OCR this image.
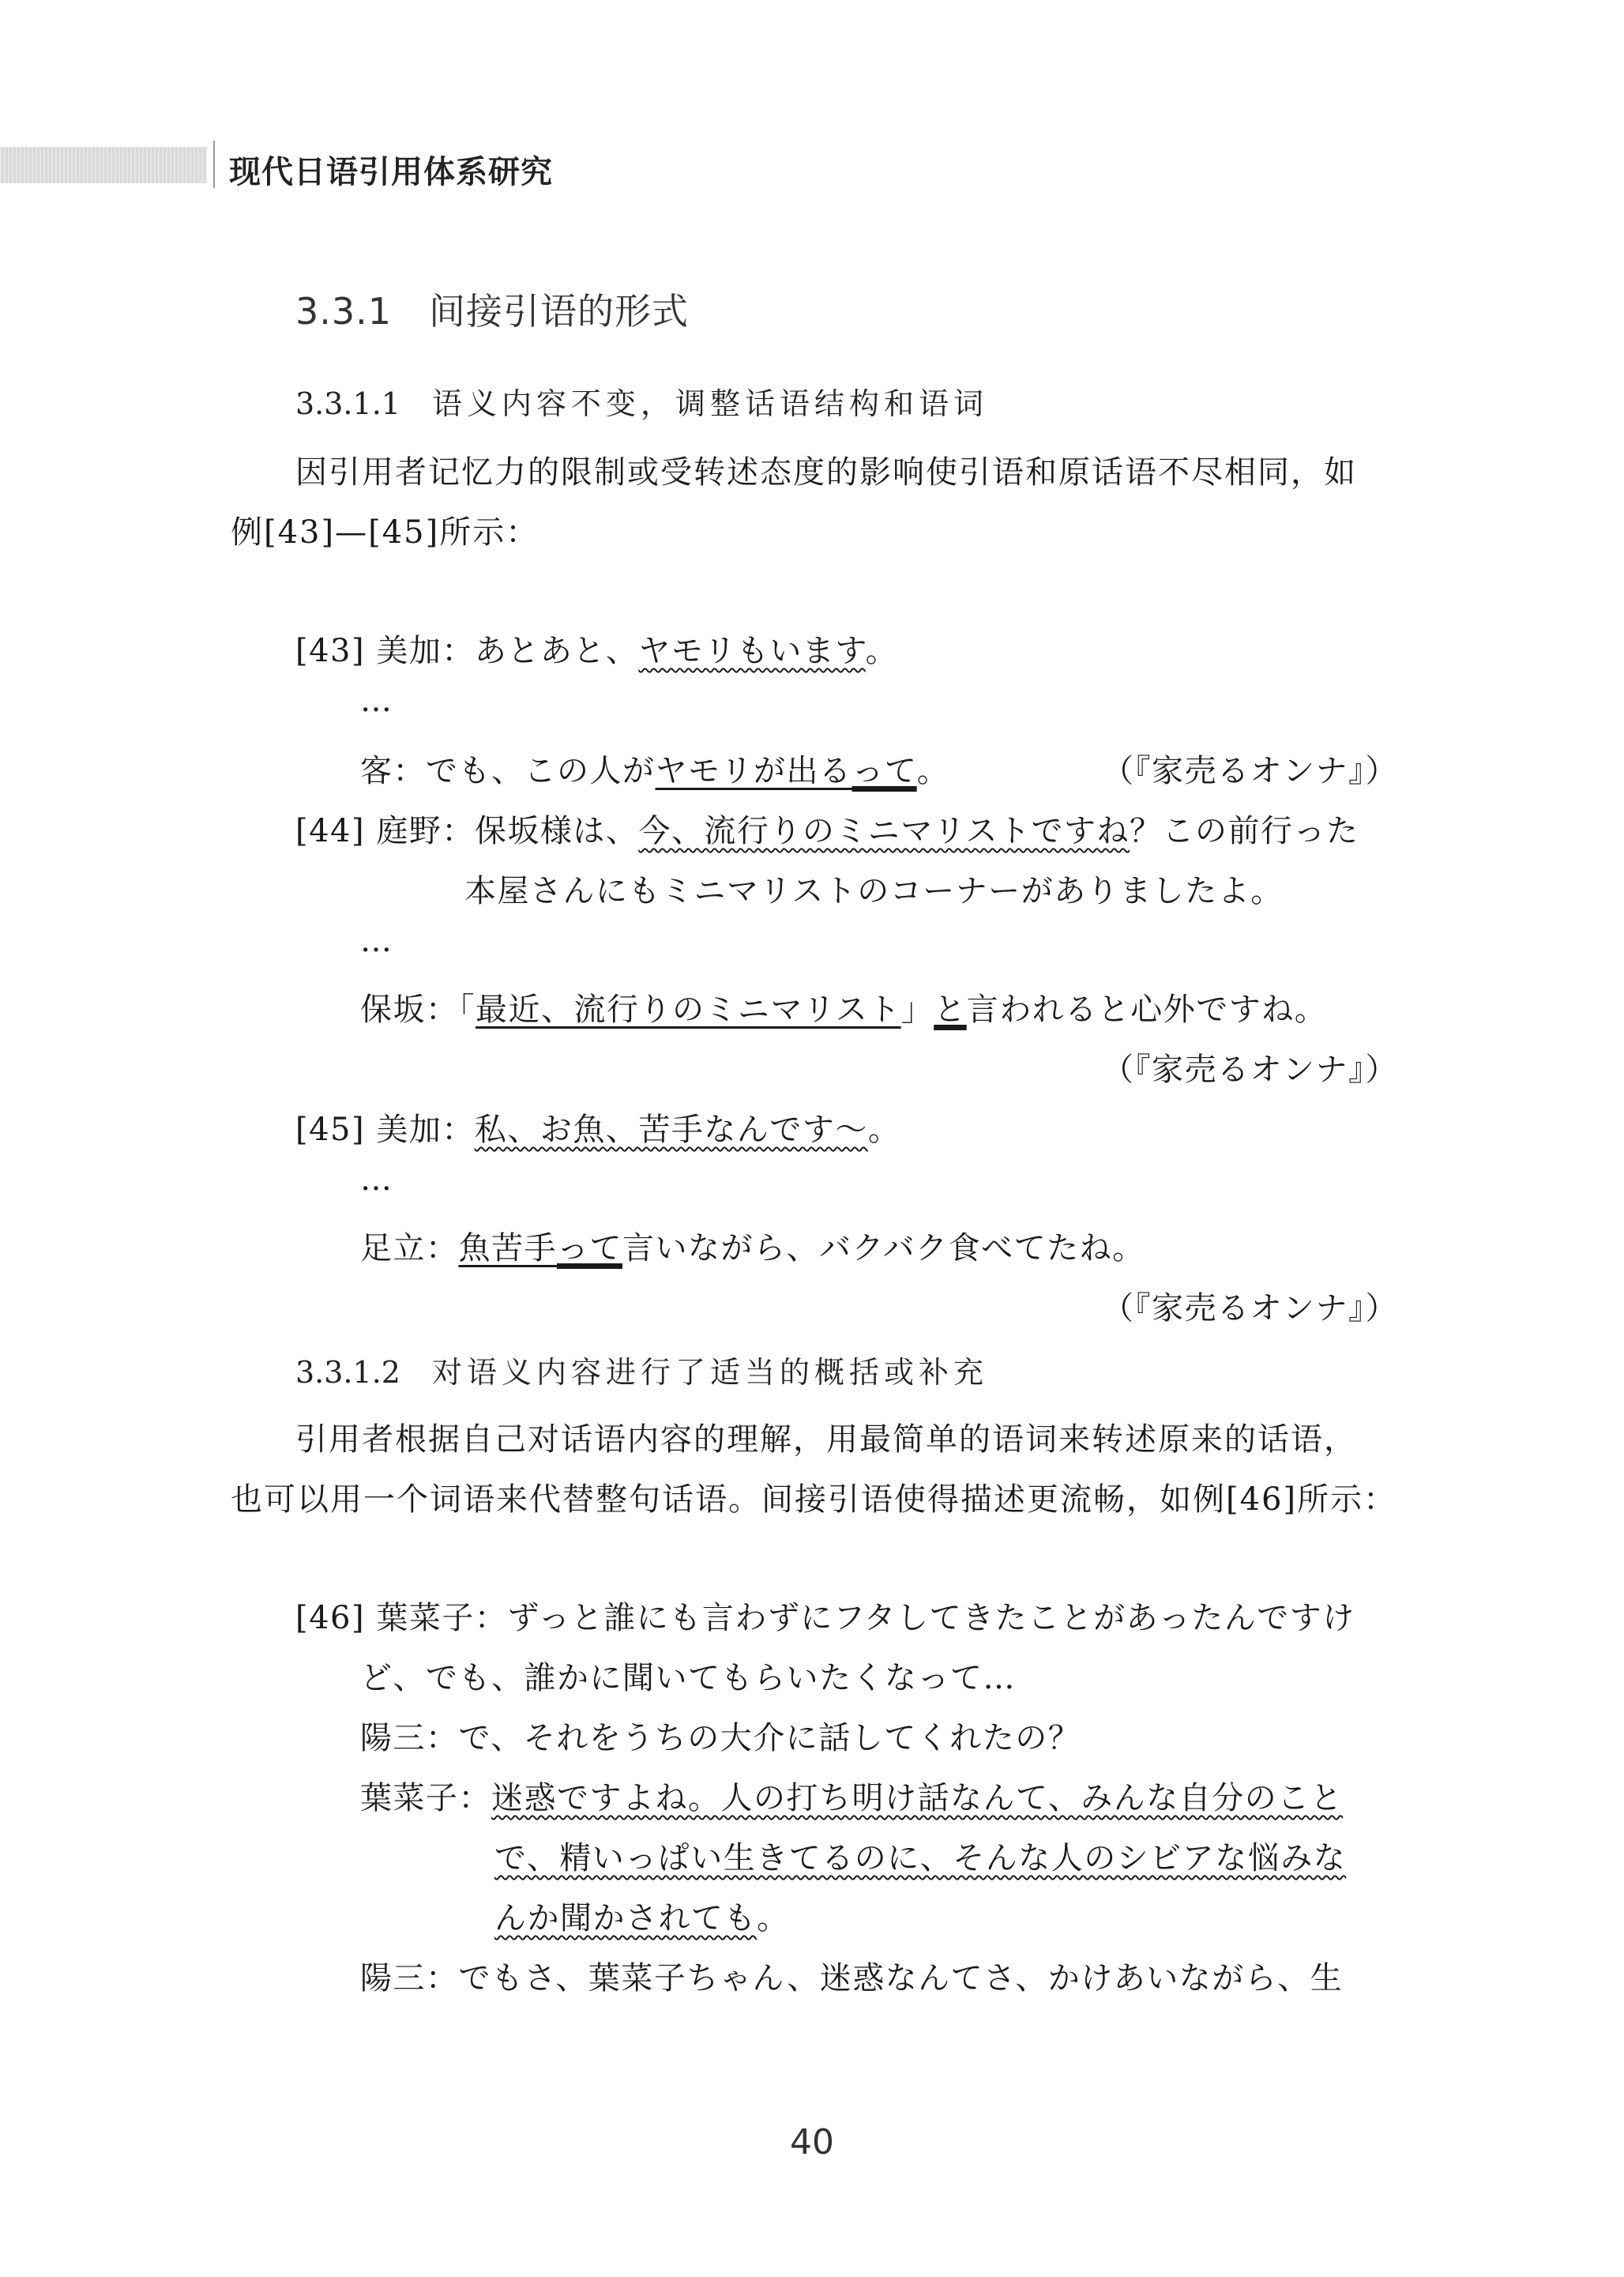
现代日语引用体系研究
3.3.1　间接引语的形式
3.3.1.1 语义内容不变，调整话语结构和语词
因引用者记忆力的限制或受转述态度的影响使引语和原话语不尽相同，如
例[43]—[45]所示：
[43] 美加：あとあと、ヤモリもいます。
…
客：でも、この人がヤモリが出るって。	（『家売るオンナ』）
[44] 庭野：保坂様は、今、流行りのミニマリストですね？この前行った
本屋さんにもミニマリストのコーナーがありましたよ。
…
保坂：「最近、流行りのミニマリスト」と言われると心外ですね。
（『家売るオンナ』）
[45] 美加：私、お魚、苦手なんです～。
…
足立：魚苦手って言いながら、バクバク食べてたね。
（『家売るオンナ』）
3.3.1.2 对语义内容进行了适当的概括或补充
引用者根据自己对话语内容的理解，用最简单的语词来转述原来的话语，
也可以用一个词语来代替整句话语。间接引语使得描述更流畅，如例[46]所示：
[46] 葉菜子：ずっと誰にも言わずにフタしてきたことがあったんですけ
ど、でも、誰かに聞いてもらいたくなって…
陽三：で、それをうちの大介に話してくれたの？
葉菜子：迷惑ですよね。人の打ち明け話なんて、みんな自分のこと
で、精いっぱい生きてるのに、そんな人のシビアな悩みな
んか聞かされても。
陽三：でもさ、葉菜子ちゃん、迷惑なんてさ、かけあいながら、生
40
